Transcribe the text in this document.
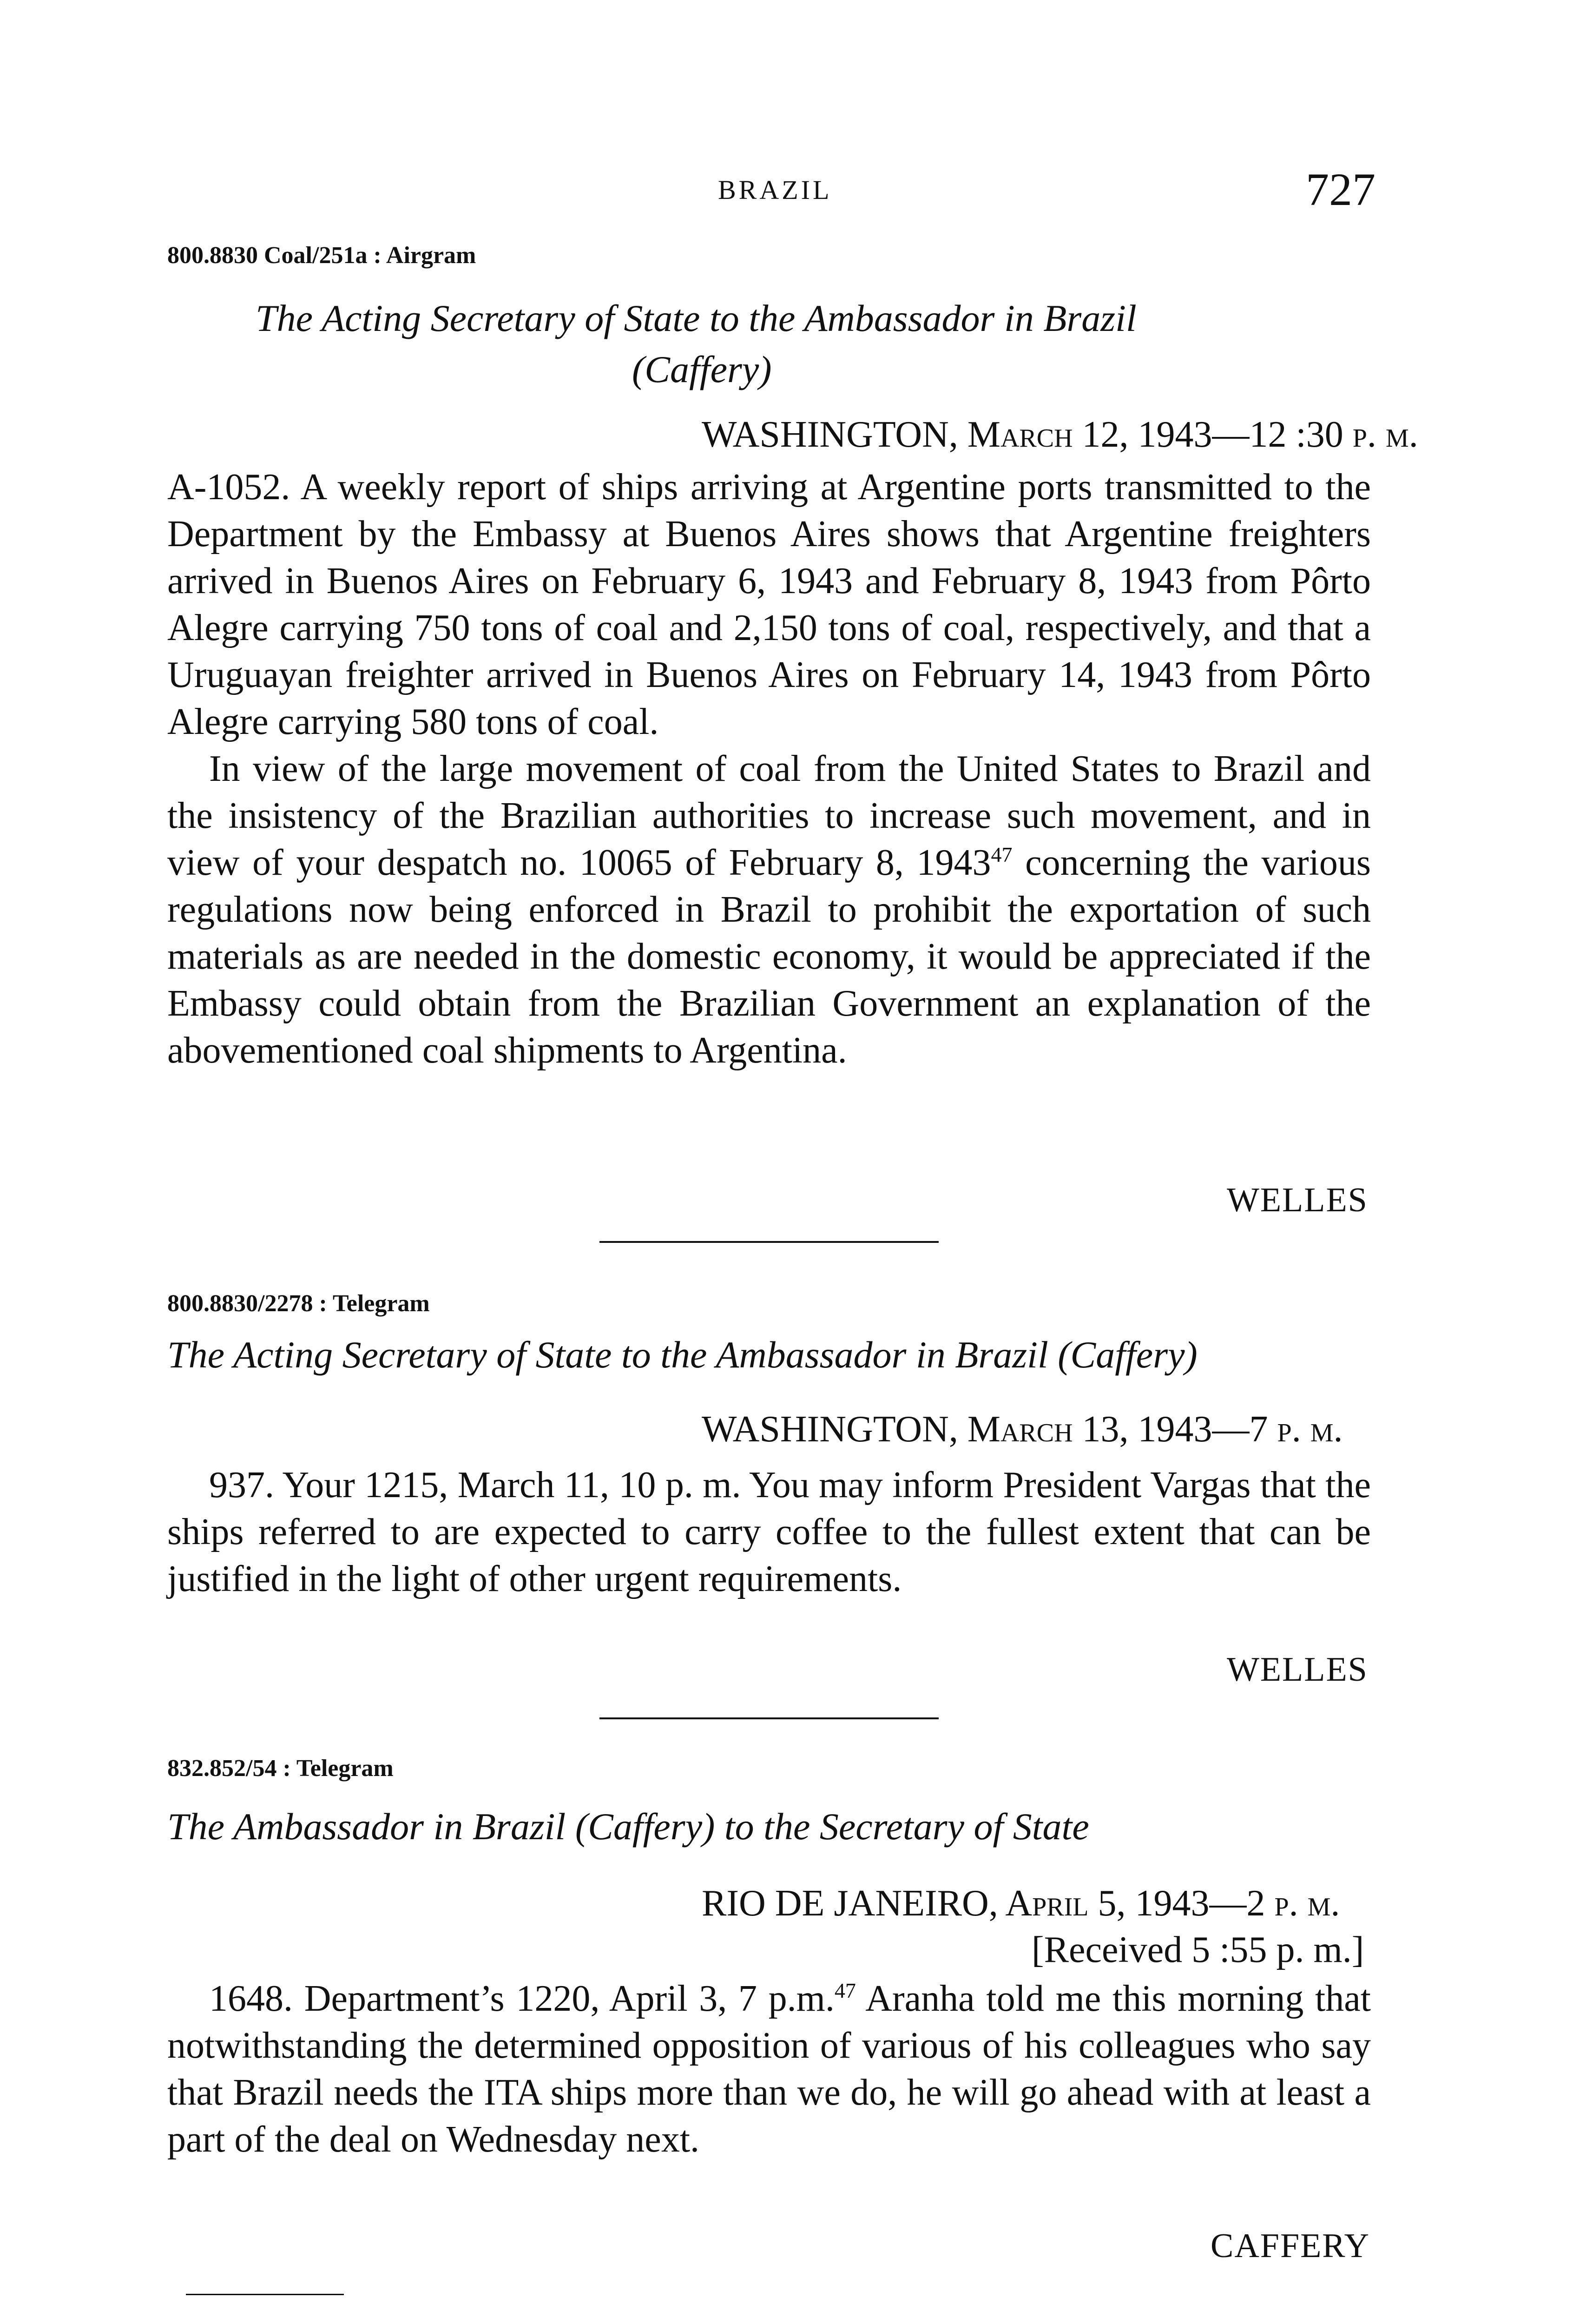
BRAZIL	727
800.8830 Coal/251a : Airgram
The Acting Secretary of State to the Ambassador in Brazil
(Caffery)
WASHINGTON, March 12, 1943—12 :30 p. m.

A-1052. A weekly report of ships arriving at Argentine ports transmitted to the Department by the Embassy at Buenos Aires shows that Argentine freighters arrived in Buenos Aires on February 6, 1943 and February 8, 1943 from Pôrto Alegre carrying 750 tons of coal and 2,150 tons of coal, respectively, and that a Uruguayan freighter arrived in Buenos Aires on February 14, 1943 from Pôrto Alegre carrying 580 tons of coal.

In view of the large movement of coal from the United States to Brazil and the insistency of the Brazilian authorities to increase such movement, and in view of your despatch no. 10065 of February 8, 1943$^{47}$ concerning the various regulations now being enforced in Brazil to prohibit the exportation of such materials as are needed in the domestic economy, it would be appreciated if the Embassy could obtain from the Brazilian Government an explanation of the abovementioned coal shipments to Argentina.

WELLES
800.8830/2278 : Telegram
The Acting Secretary of State to the Ambassador in Brazil (Caffery)
WASHINGTON, March 13, 1943—7 p. m.

937. Your 1215, March 11, 10 p. m. You may inform President Vargas that the ships referred to are expected to carry coffee to the fullest extent that can be justified in the light of other urgent requirements.

WELLES
832.852/54 : Telegram
The Ambassador in Brazil (Caffery) to the Secretary of State
RIO DE JANEIRO, April 5, 1943—2 p. m.
[Received 5 :55 p. m.]

1648. Department’s 1220, April 3, 7 p.m.$^{47}$ Aranha told me this morning that notwithstanding the determined opposition of various of his colleagues who say that Brazil needs the ITA ships more than we do, he will go ahead with at least a part of the deal on Wednesday next.

CAFFERY
